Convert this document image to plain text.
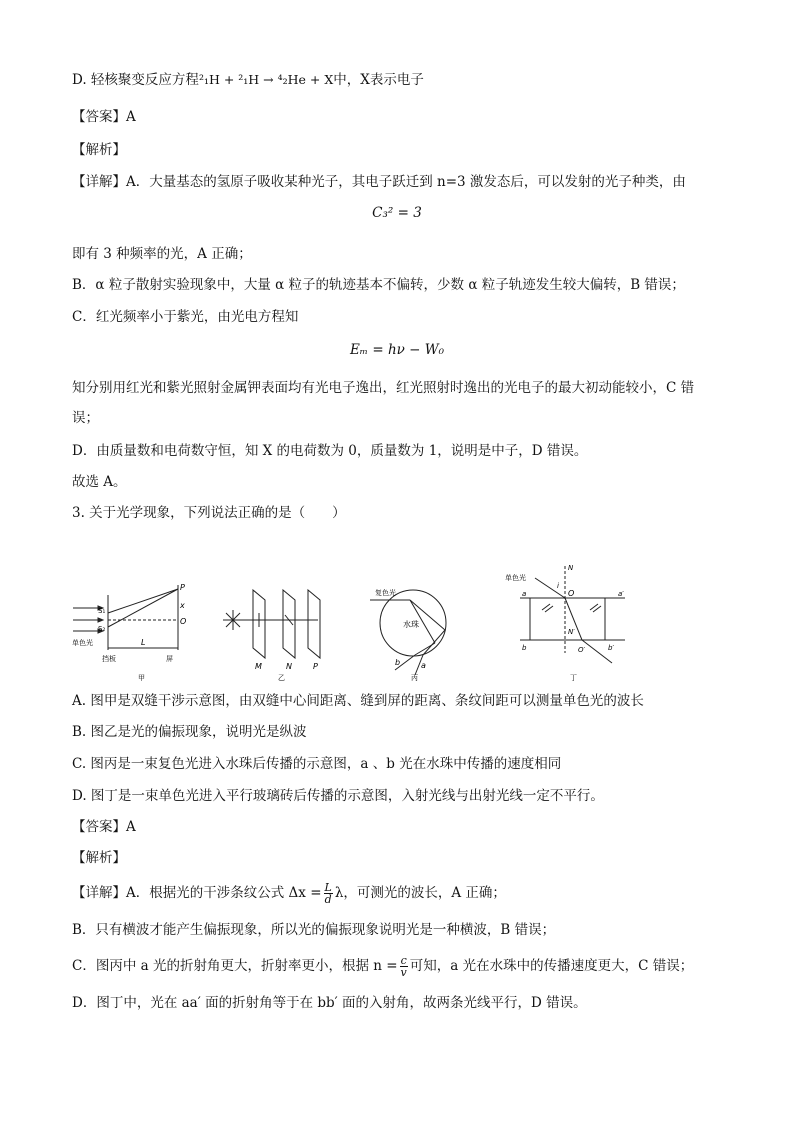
D. 轻核聚变反应方程²₁H + ²₁H → ⁴₂He + X中，X表示电子
【答案】A
【解析】
【详解】A．大量基态的氢原子吸收某种光子，其电子跃迁到 n=3 激发态后，可以发射的光子种类，由
C₃² = 3
即有 3 种频率的光，A 正确；
B．α 粒子散射实验现象中，大量 α 粒子的轨迹基本不偏转，少数 α 粒子轨迹发生较大偏转，B 错误；
C．红光频率小于紫光，由光电方程知
Eₘ = hν − W₀
知分别用红光和紫光照射金属钾表面均有光电子逸出，红光照射时逸出的光电子的最大初动能较小，C 错
误；
D．由质量数和电荷数守恒，知 X 的电荷数为 0，质量数为 1，说明是中子，D 错误。
故选 A。
3. 关于光学现象，下列说法正确的是（　　）
P
x
O
S₁
S₂
L
单色光
挡板	屏
甲
M	N	P
乙
复色光
水珠
b	a
丙
单色光
N
i
O
a	a′
b	b′
N′
O′
丁
A. 图甲是双缝干涉示意图，由双缝中心间距离、缝到屏的距离、条纹间距可以测量单色光的波长
B. 图乙是光的偏振现象，说明光是纵波
C. 图丙是一束复色光进入水珠后传播的示意图，a 、b 光在水珠中传播的速度相同
D. 图丁是一束单色光进入平行玻璃砖后传播的示意图，入射光线与出射光线一定不平行。
【答案】A
【解析】
【详解】A．根据光的干涉条纹公式 $\Delta x = \frac{L}{d}$ λ，可测光的波长，A 正确；
B．只有横波才能产生偏振现象，所以光的偏振现象说明光是一种横波，B 错误；
C．图丙中 a 光的折射角更大，折射率更小，根据 $n = \frac{c}{v}$ 可知，a 光在水珠中的传播速度更大，C 错误；
D．图丁中，光在 aa′ 面的折射角等于在 bb′ 面的入射角，故两条光线平行，D 错误。
